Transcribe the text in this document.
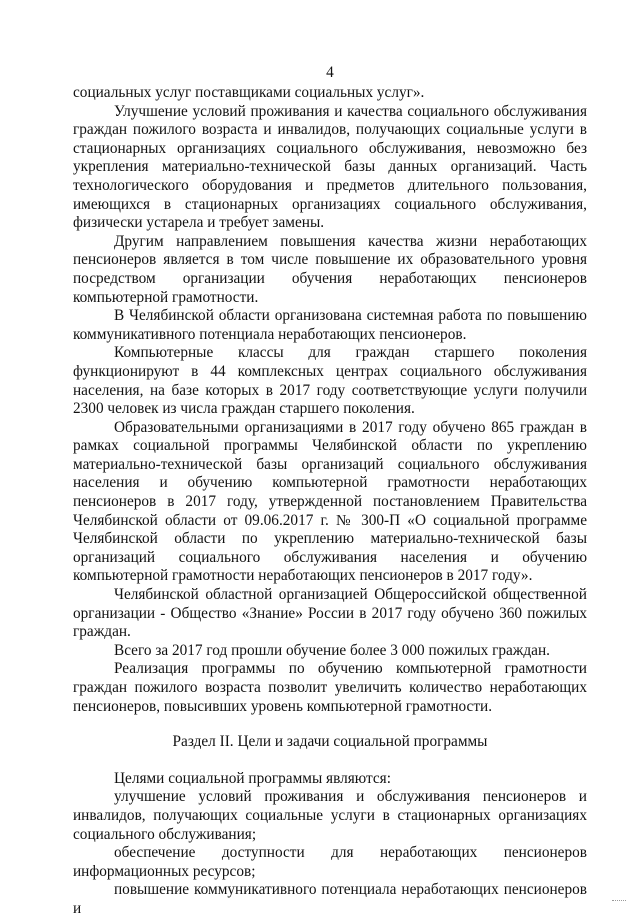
4

социальных услуг поставщиками социальных услуг».

Улучшение условий проживания и качества социального обслуживания граждан пожилого возраста и инвалидов, получающих социальные услуги в стационарных организациях социального обслуживания, невозможно без укрепления материально-технической базы данных организаций. Часть технологического оборудования и предметов длительного пользования, имеющихся в стационарных организациях социального обслуживания, физически устарела и требует замены.

Другим направлением повышения качества жизни неработающих пенсионеров является в том числе повышение их образовательного уровня посредством организации обучения неработающих пенсионеров компьютерной грамотности.

В Челябинской области организована системная работа по повышению коммуникативного потенциала неработающих пенсионеров.

Компьютерные классы для граждан старшего поколения функционируют в 44 комплексных центрах социального обслуживания населения, на базе которых в 2017 году соответствующие услуги получили 2300 человек из числа граждан старшего поколения.

Образовательными организациями в 2017 году обучено 865 граждан в рамках социальной программы Челябинской области по укреплению материально-технической базы организаций социального обслуживания населения и обучению компьютерной грамотности неработающих пенсионеров в 2017 году, утвержденной постановлением Правительства Челябинской области от 09.06.2017 г. № 300-П «О социальной программе Челябинской области по укреплению материально-технической базы организаций социального обслуживания населения и обучению компьютерной грамотности неработающих пенсионеров в 2017 году».

Челябинской областной организацией Общероссийской общественной организации - Общество «Знание» России в 2017 году обучено 360 пожилых граждан.

Всего за 2017 год прошли обучение более 3 000 пожилых граждан.

Реализация программы по обучению компьютерной грамотности граждан пожилого возраста позволит увеличить количество неработающих пенсионеров, повысивших уровень компьютерной грамотности.

Раздел II. Цели и задачи социальной программы

Целями социальной программы являются:

улучшение условий проживания и обслуживания пенсионеров и инвалидов, получающих социальные услуги в стационарных организациях социального обслуживания;

обеспечение доступности для неработающих пенсионеров информационных ресурсов;

повышение коммуникативного потенциала неработающих пенсионеров и
